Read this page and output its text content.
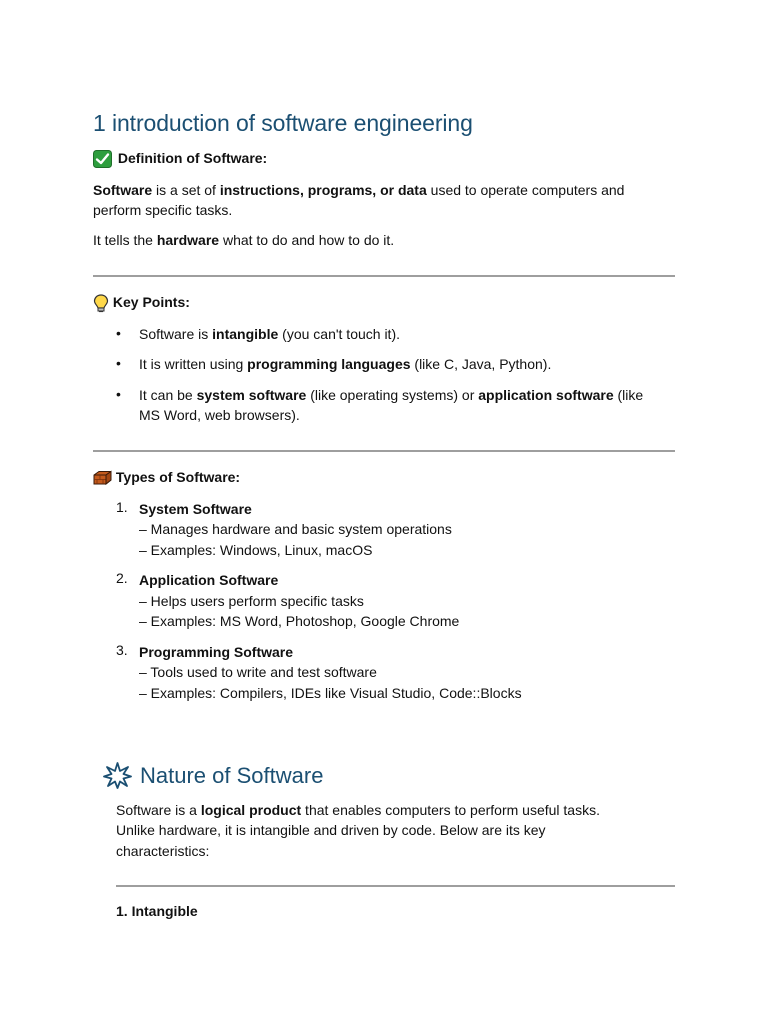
1 introduction of software engineering
Definition of Software:
Software is a set of instructions, programs, or data used to operate computers and
perform specific tasks.
It tells the hardware what to do and how to do it.
Key Points:
• Software is intangible (you can't touch it).
• It is written using programming languages (like C, Java, Python).
• It can be system software (like operating systems) or application software (like
MS Word, web browsers).
Types of Software:
1. System Software
– Manages hardware and basic system operations
– Examples: Windows, Linux, macOS
2. Application Software
– Helps users perform specific tasks
– Examples: MS Word, Photoshop, Google Chrome
3. Programming Software
– Tools used to write and test software
– Examples: Compilers, IDEs like Visual Studio, Code::Blocks
Nature of Software
Software is a logical product that enables computers to perform useful tasks.
Unlike hardware, it is intangible and driven by code. Below are its key
characteristics:
1. Intangible
